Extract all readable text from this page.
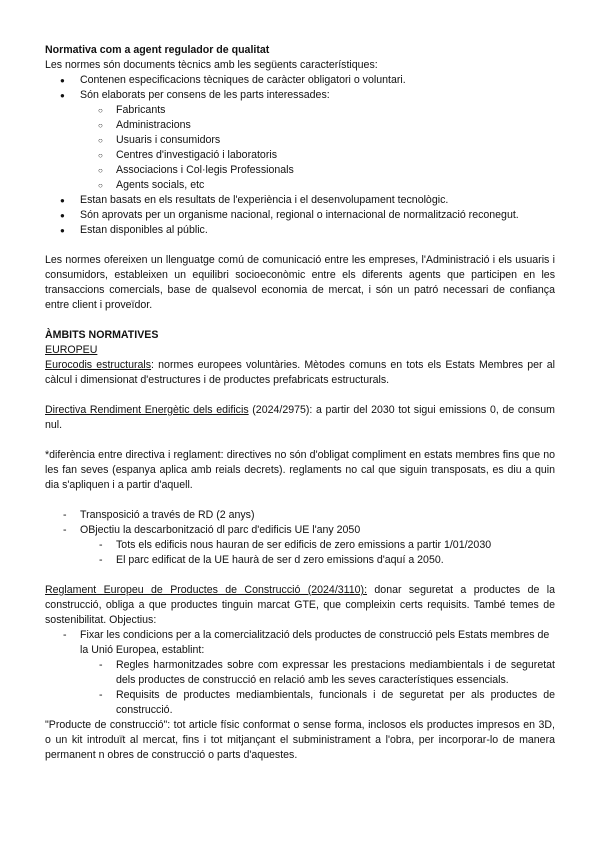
Normativa com a agent regulador de qualitat

Les normes són documents tècnics amb les següents característiques:

● Contenen especificacions tècniques de caràcter obligatori o voluntari.
● Són elaborats per consens de les parts interessades:
○ Fabricants
○ Administracions
○ Usuaris i consumidors
○ Centres d'investigació i laboratoris
○ Associacions i Col·legis Professionals
○ Agents socials, etc
● Estan basats en els resultats de l'experiència i el desenvolupament tecnològic.
● Són aprovats per un organisme nacional, regional o internacional de normalització reconegut.
● Estan disponibles al públic.

Les normes ofereixen un llenguatge comú de comunicació entre les empreses, l'Administració i els usuaris i consumidors, estableixen un equilibri socioeconòmic entre els diferents agents que participen en les transaccions comercials, base de qualsevol economia de mercat, i són un patró necessari de confiança entre client i proveïdor.

ÀMBITS NORMATIVES

EUROPEU

Eurocodis estructurals: normes europees voluntàries. Mètodes comuns en tots els Estats Membres per al càlcul i dimensionat d'estructures i de productes prefabricats estructurals.

Directiva Rendiment Energètic dels edificis (2024/2975): a partir del 2030 tot sigui emissions 0, de consum nul.

*diferència entre directiva i reglament: directives no són d'obligat compliment en estats membres fins que no les fan seves (espanya aplica amb reials decrets). reglaments no cal que siguin transposats, es diu a quin dia s'apliquen i a partir d'aquell.

- Transposició a través de RD (2 anys)
- OBjectiu la descarbonització dl parc d'edificis UE l'any 2050
- Tots els edificis nous hauran de ser edificis de zero emissions a partir 1/01/2030
- El parc edificat de la UE haurà de ser d zero emissions d'aquí a 2050.

Reglament Europeu de Productes de Construcció (2024/3110): donar seguretat a productes de la construcció, obliga a que productes tinguin marcat GTE, que compleixin certs requisits. També temes de sostenibilitat. Objectius:

- Fixar les condicions per a la comercialització dels productes de construcció pels Estats membres de la Unió Europea, establint:
- Regles harmonitzades sobre com expressar les prestacions mediambientals i de seguretat dels productes de construcció en relació amb les seves característiques essencials.
- Requisits de productes mediambientals, funcionals i de seguretat per als productes de construcció.

"Producte de construcció": tot article físic conformat o sense forma, inclosos els productes impresos en 3D, o un kit introduït al mercat, fins i tot mitjançant el subministrament a l'obra, per incorporar-lo de manera permanent n obres de construcció o parts d'aquestes.
